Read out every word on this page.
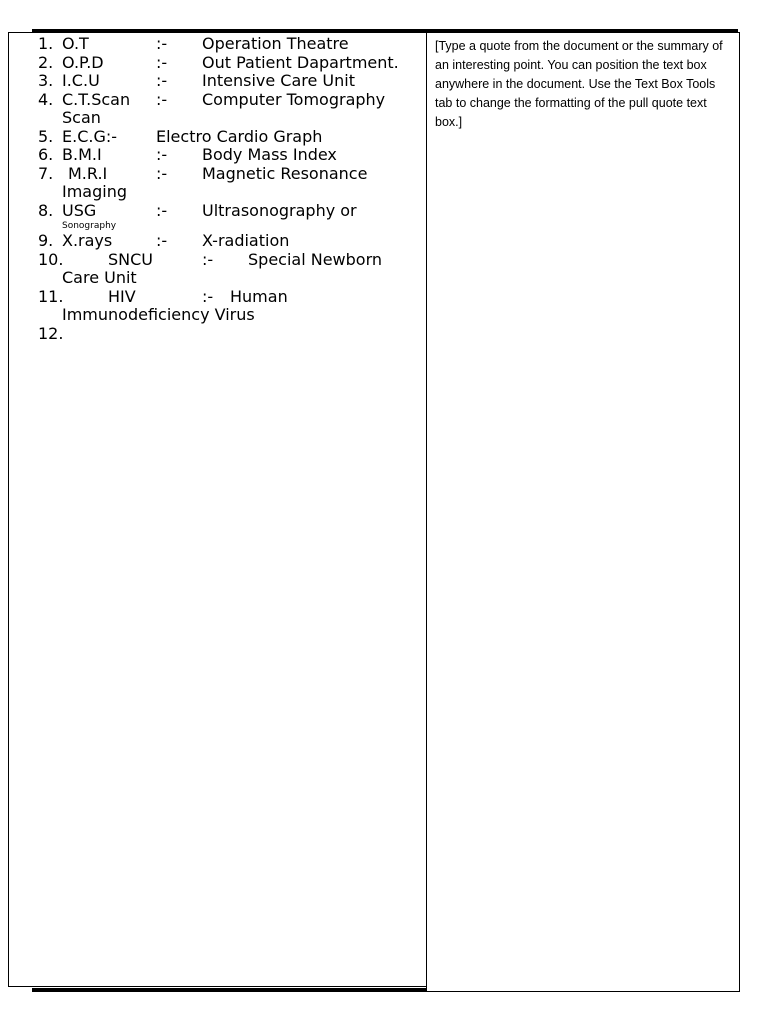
1. O.T	:- Operation Theatre
2. O.P.D	:- Out Patient Dapartment.
3. I.C.U	:- Intensive Care Unit
4. C.T.Scan :- Computer Tomography
Scan
5. E.C.G:- Electro Cardio Graph
6. B.M.I	:- Body Mass Index
7. M.R.I	:- Magnetic Resonance
Imaging
8. USG	:- Ultrasonography or
Sonography
9. X.rays	:- X-radiation
10.	SNCU	:- Special Newborn
Care Unit
11.	HIV	:- Human
Immunodeficiency Virus
12.
[Type a quote from the document or the summary of an interesting point. You can position the text box anywhere in the document. Use the Text Box Tools tab to change the formatting of the pull quote text box.]
